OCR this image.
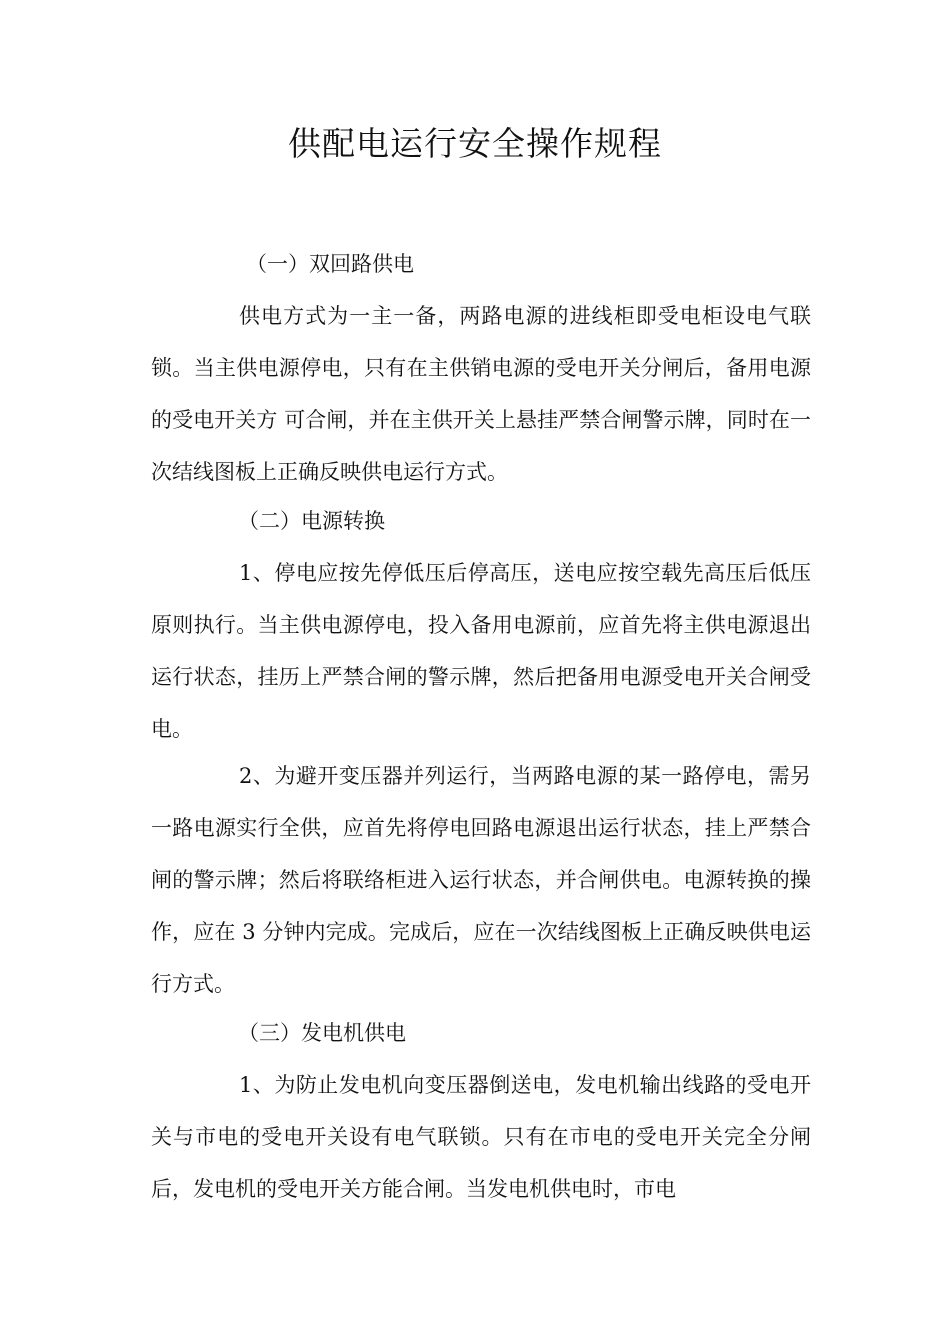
供配电运行安全操作规程

（一）双回路供电

供电方式为一主一备，两路电源的进线柜即受电柜设电气联锁。当主供电源停电，只有在主供销电源的受电开关分闸后，备用电源的受电开关方 可合闸，并在主供开关上悬挂严禁合闸警示牌，同时在一次结线图板上正确反映供电运行方式。

（二）电源转换

1、停电应按先停低压后停高压，送电应按空载先高压后低压原则执行。当主供电源停电，投入备用电源前，应首先将主供电源退出运行状态，挂历上严禁合闸的警示牌，然后把备用电源受电开关合闸受电。

2、为避开变压器并列运行，当两路电源的某一路停电，需另一路电源实行全供，应首先将停电回路电源退出运行状态，挂上严禁合闸的警示牌；然后将联络柜进入运行状态，并合闸供电。电源转换的操作，应在 3 分钟内完成。完成后，应在一次结线图板上正确反映供电运行方式。

（三）发电机供电

1、为防止发电机向变压器倒送电，发电机输出线路的受电开关与市电的受电开关设有电气联锁。只有在市电的受电开关完全分闸后，发电机的受电开关方能合闸。当发电机供电时，市电
